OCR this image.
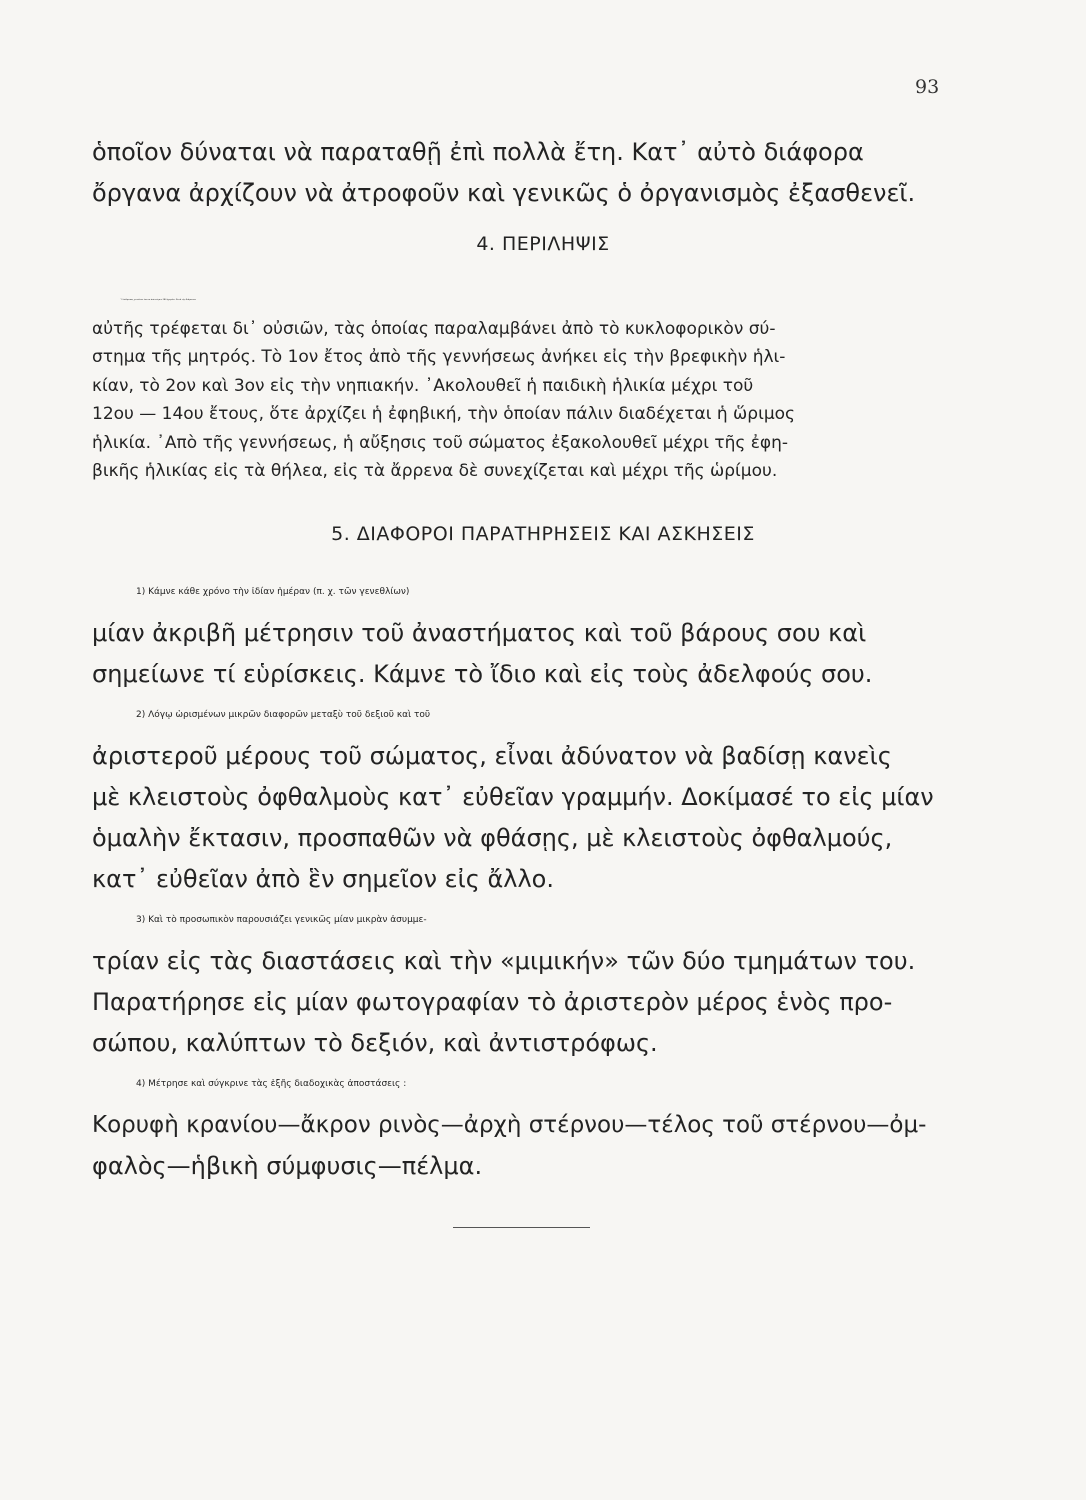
93
ὁποῖον δύναται νὰ παραταθῇ ἐπὶ πολλὰ ἔτη. Κατ᾽ αὐτὸ διάφορα
ὄργανα ἀρχίζουν νὰ ἀτροφοῦν καὶ γενικῶς ὁ ὀργανισμὸς ἐξασθενεῖ.
4. ΠΕΡΙΛΗΨΙΣ
῾Ο ἄνθρωπος γεννᾶται ἔπειτα ἀπὸ κύησιν 280 ἡμερῶν. Κατὰ τὴν διάρκειαν
αὐτῆς τρέφεται δι᾽ οὐσιῶν, τὰς ὁποίας παραλαμβάνει ἀπὸ τὸ κυκλοφορικὸν σύ-
στημα τῆς μητρός. Τὸ 1ον ἔτος ἀπὸ τῆς γεννήσεως ἀνήκει εἰς τὴν βρεφικὴν ἡλι-
κίαν, τὸ 2ον καὶ 3ον εἰς τὴν νηπιακήν. ᾽Ακολουθεῖ ἡ παιδικὴ ἡλικία μέχρι τοῦ
12ου — 14ου ἔτους, ὅτε ἀρχίζει ἡ ἐφηβική, τὴν ὁποίαν πάλιν διαδέχεται ἡ ὥριμος
ἡλικία. ᾽Απὸ τῆς γεννήσεως, ἡ αὔξησις τοῦ σώματος ἐξακολουθεῖ μέχρι τῆς ἐφη-
βικῆς ἡλικίας εἰς τὰ θήλεα, εἰς τὰ ἄρρενα δὲ συνεχίζεται καὶ μέχρι τῆς ὡρίμου.
5. ΔΙΑΦΟΡΟΙ ΠΑΡΑΤΗΡΗΣΕΙΣ ΚΑΙ ΑΣΚΗΣΕΙΣ
1) Κάμνε κάθε χρόνο τὴν ἰδίαν ἡμέραν (π. χ. τῶν γενεθλίων)
μίαν ἀκριβῆ μέτρησιν τοῦ ἀναστήματος καὶ τοῦ βάρους σου καὶ
σημείωνε τί εὑρίσκεις. Κάμνε τὸ ἴδιο καὶ εἰς τοὺς ἀδελφούς σου.
2) Λόγῳ ὡρισμένων μικρῶν διαφορῶν μεταξὺ τοῦ δεξιοῦ καὶ τοῦ
ἀριστεροῦ μέρους τοῦ σώματος, εἶναι ἀδύνατον νὰ βαδίσῃ κανεὶς
μὲ κλειστοὺς ὀφθαλμοὺς κατ᾽ εὐθεῖαν γραμμήν. Δοκίμασέ το εἰς μίαν
ὁμαλὴν ἔκτασιν, προσπαθῶν νὰ φθάσῃς, μὲ κλειστοὺς ὀφθαλμούς,
κατ᾽ εὐθεῖαν ἀπὸ ἓν σημεῖον εἰς ἄλλο.
3) Καὶ τὸ προσωπικὸν παρουσιάζει γενικῶς μίαν μικρὰν ἀσυμμε-
τρίαν εἰς τὰς διαστάσεις καὶ τὴν «μιμικήν» τῶν δύο τμημάτων του.
Παρατήρησε εἰς μίαν φωτογραφίαν τὸ ἀριστερὸν μέρος ἑνὸς προ-
σώπου, καλύπτων τὸ δεξιόν, καὶ ἀντιστρόφως.
4) Μέτρησε καὶ σύγκρινε τὰς ἑξῆς διαδοχικὰς ἀποστάσεις :
Κορυφὴ κρανίου—ἄκρον ρινὸς—ἀρχὴ στέρνου—τέλος τοῦ στέρνου—ὀμ-
φαλὸς—ἡβικὴ σύμφυσις—πέλμα.
